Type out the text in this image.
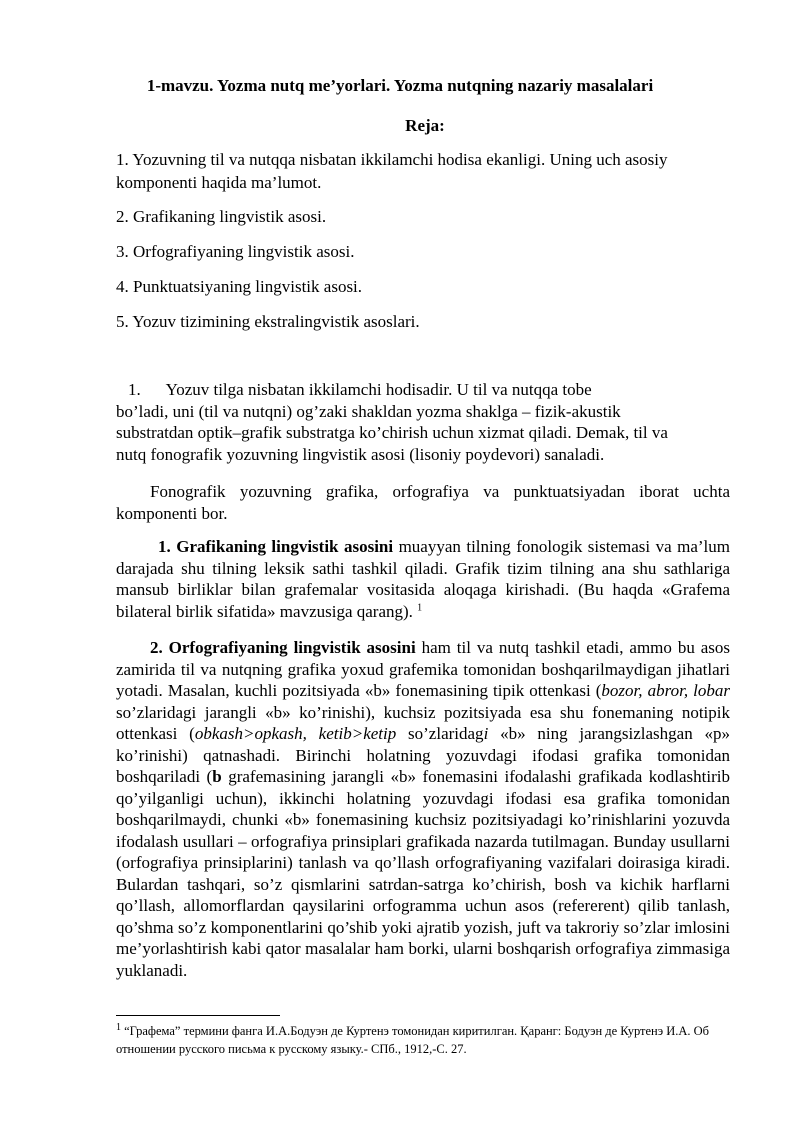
1-mavzu. Yozma nutq me’yorlari. Yozma nutqning nazariy masalalari
Reja:
1. Yozuvning til va nutqqa nisbatan ikkilamchi hodisa ekanligi. Uning uch asosiy komponenti haqida ma’lumot.
2. Grafikaning lingvistik asosi.
3. Orfografiyaning lingvistik asosi.
4. Punktuatsiyaning lingvistik asosi.
5. Yozuv tizimining ekstralingvistik asoslari.
1.      Yozuv tilga nisbatan ikkilamchi hodisadir. U til va nutqqa tobe
bo’ladi, uni (til va nutqni) og’zaki shakldan yozma shaklga – fizik-akustik
substratdan optik–grafik substratga ko’chirish uchun xizmat qiladi. Demak, til va
nutq fonografik yozuvning lingvistik asosi (lisoniy poydevori) sanaladi.
Fonografik yozuvning grafika, orfografiya va punktuatsiyadan iborat uchta komponenti bor.
1. Grafikaning lingvistik asosini muayyan tilning fonologik sistemasi va ma’lum darajada shu tilning leksik sathi tashkil qiladi. Grafik tizim tilning ana shu sathlariga mansub birliklar bilan grafemalar vositasida aloqaga kirishadi. (Bu haqda «Grafema bilateral birlik sifatida» mavzusiga qarang). $^1$
2. Orfografiyaning lingvistik asosini ham til va nutq tashkil etadi, ammo bu asos zamirida til va nutqning grafika yoxud grafemika tomonidan boshqarilmaydigan jihatlari yotadi. Masalan, kuchli pozitsiyada «b» fonemasining tipik ottenkasi (bozor, abror, lobar so’zlaridagi jarangli «b» ko’rinishi), kuchsiz pozitsiyada esa shu fonemaning notipik ottenkasi (obkash>opkash, ketib>ketip so’zlaridagi «b» ning jarangsizlashgan «p» ko’rinishi) qatnashadi. Birinchi holatning yozuvdagi ifodasi grafika tomonidan boshqariladi (b grafemasining jarangli «b» fonemasini ifodalashi grafikada kodlashtirib qo’yilganligi uchun), ikkinchi holatning yozuvdagi ifodasi esa grafika tomonidan boshqarilmaydi, chunki «b» fonemasining kuchsiz pozitsiyadagi ko’rinishlarini yozuvda ifodalash usullari – orfografiya prinsiplari grafikada nazarda tutilmagan. Bunday usullarni (orfografiya prinsiplarini) tanlash va qo’llash orfografiyaning vazifalari doirasiga kiradi. Bulardan tashqari, so’z qismlarini satrdan-satrga ko’chirish, bosh va kichik harflarni qo’llash, allomorflardan qaysilarini orfogramma uchun asos (refererent) qilib tanlash, qo’shma so’z komponentlarini qo’shib yoki ajratib yozish, juft va takroriy so’zlar imlosini me’yorlashtirish kabi qator masalalar ham borki, ularni boshqarish orfografiya zimmasiga yuklanadi.
$^1$ “Графема” термини фанга И.А.Бодуэн де Куртенэ томонидан киритилган. Қаранг: Бодуэн де Куртенэ И.А. Об отношении русского письма к русскому языку.- СПб., 1912,-С. 27.
